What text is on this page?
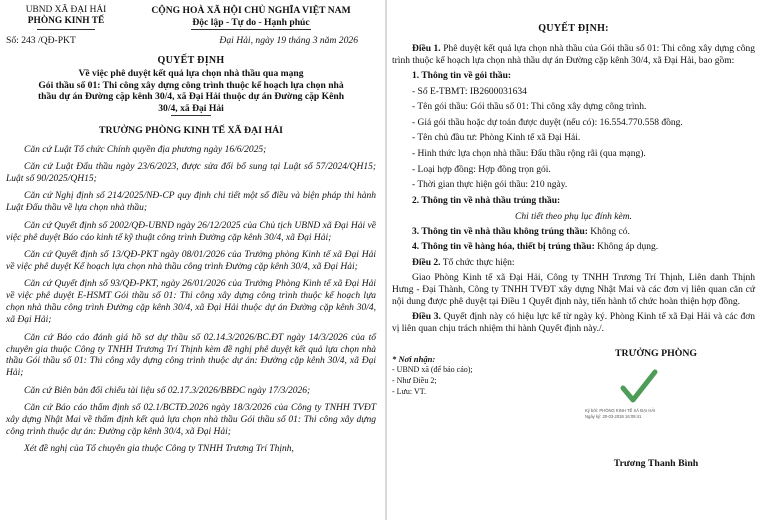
UBND XÃ ĐẠI HẢI
PHÒNG KINH TẾ
CỘNG HOÀ XÃ HỘI CHỦ NGHĨA VIỆT NAM
Độc lập - Tự do - Hạnh phúc
Số: 243 /QĐ-PKT	Đại Hải, ngày 19 tháng 3 năm 2026
QUYẾT ĐỊNH
Về việc phê duyệt kết quả lựa chọn nhà thầu qua mạng
Gói thầu số 01: Thi công xây dựng công trình thuộc kế hoạch lựa chọn nhà thầu dự án Đường cặp kênh 30/4, xã Đại Hải thuộc dự án Đường cặp Kênh 30/4, xã Đại Hải
TRƯỞNG PHÒNG KINH TẾ XÃ ĐẠI HẢI

Căn cứ Luật Tổ chức Chính quyền địa phương ngày 16/6/2025;

Căn cứ Luật Đấu thầu ngày 23/6/2023, được sửa đổi bổ sung tại Luật số 57/2024/QH15; Luật số 90/2025/QH15;

Căn cứ Nghị định số 214/2025/NĐ-CP quy định chi tiết một số điều và biện pháp thi hành Luật Đấu thầu về lựa chọn nhà thầu;

Căn cứ Quyết định số 2002/QĐ-UBND ngày 26/12/2025 của Chủ tịch UBND xã Đại Hải về việc phê duyệt Báo cáo kinh tế kỹ thuật công trình Đường cặp kênh 30/4, xã Đại Hải;

Căn cứ Quyết định số 13/QĐ-PKT ngày 08/01/2026 của Trưởng phòng Kinh tế xã Đại Hải về việc phê duyệt Kế hoạch lựa chọn nhà thầu công trình Đường cặp kênh 30/4, xã Đại Hải;

Căn cứ Quyết định số 93/QĐ-PKT, ngày 26/01/2026 của Trưởng Phòng Kinh tế xã Đại Hải về việc phê duyệt E-HSMT Gói thầu số 01: Thi công xây dựng công trình thuộc kế hoạch lựa chọn nhà thầu công trình Đường cặp kênh 30/4, xã Đại Hải thuộc dự án Đường cặp kênh 30/4, xã Đại Hải;

Căn cứ Báo cáo đánh giá hồ sơ dự thầu số 02.14.3/2026/BC.ĐT ngày 14/3/2026 của tổ chuyên gia thuộc Công ty TNHH Trương Trí Thịnh kèm đề nghị phê duyệt kết quả lựa chọn nhà thầu Gói thầu số 01: Thi công xây dựng công trình thuộc dự án: Đường cặp kênh 30/4, xã Đại Hải;

Căn cứ Biên bản đối chiếu tài liệu số 02.17.3/2026/BBĐC ngày 17/3/2026;

Căn cứ Báo cáo thẩm định số 02.1/BCTĐ.2026 ngày 18/3/2026 của Công ty TNHH TVĐT xây dựng Nhật Mai về thẩm định kết quả lựa chọn nhà thầu Gói thầu số 01: Thi công xây dựng công trình thuộc dự án: Đường cặp kênh 30/4, xã Đại Hải;

Xét đề nghị của Tổ chuyên gia thuộc Công ty TNHH Trương Trí Thịnh,

QUYẾT ĐỊNH:

Điều 1. Phê duyệt kết quả lựa chọn nhà thầu của Gói thầu số 01: Thi công xây dựng công trình thuộc kế hoạch lựa chọn nhà thầu dự án Đường cặp kênh 30/4, xã Đại Hải, bao gồm:

1. Thông tin về gói thầu:

- Số E-TBMT: IB2600031634

- Tên gói thầu: Gói thầu số 01: Thi công xây dựng công trình.

- Giá gói thầu hoặc dự toán được duyệt (nếu có): 16.554.770.558 đồng.

- Tên chủ đầu tư: Phòng Kinh tế xã Đại Hải.

- Hình thức lựa chọn nhà thầu: Đấu thầu rộng rãi (qua mạng).

- Loại hợp đồng: Hợp đồng trọn gói.

- Thời gian thực hiện gói thầu: 210 ngày.

2. Thông tin về nhà thầu trúng thầu:

Chi tiết theo phụ lục đính kèm.

3. Thông tin về nhà thầu không trúng thầu: Không có.

4. Thông tin về hàng hóa, thiết bị trúng thầu: Không áp dụng.

Điều 2. Tổ chức thực hiện:

Giao Phòng Kinh tế xã Đại Hải, Công ty TNHH Trương Trí Thịnh, Liên danh Thịnh Hưng - Đại Thành, Công ty TNHH TVĐT xây dựng Nhật Mai và các đơn vị liên quan căn cứ nội dung được phê duyệt tại Điều 1 Quyết định này, tiến hành tổ chức hoàn thiện hợp đồng.

Điều 3. Quyết định này có hiệu lực kể từ ngày ký. Phòng Kinh tế xã Đại Hải và các đơn vị liên quan chịu trách nhiệm thi hành Quyết định này./.

* Nơi nhận:
- UBND xã (để báo cáo);
- Như Điều 2;
- Lưu: VT.
TRƯỞNG PHÒNG
Ký bởi: PHÒNG KINH TẾ XÃ ĐẠI HẢI
Ngày ký: 20-03-2026 16:09:41
Trương Thanh Bình
